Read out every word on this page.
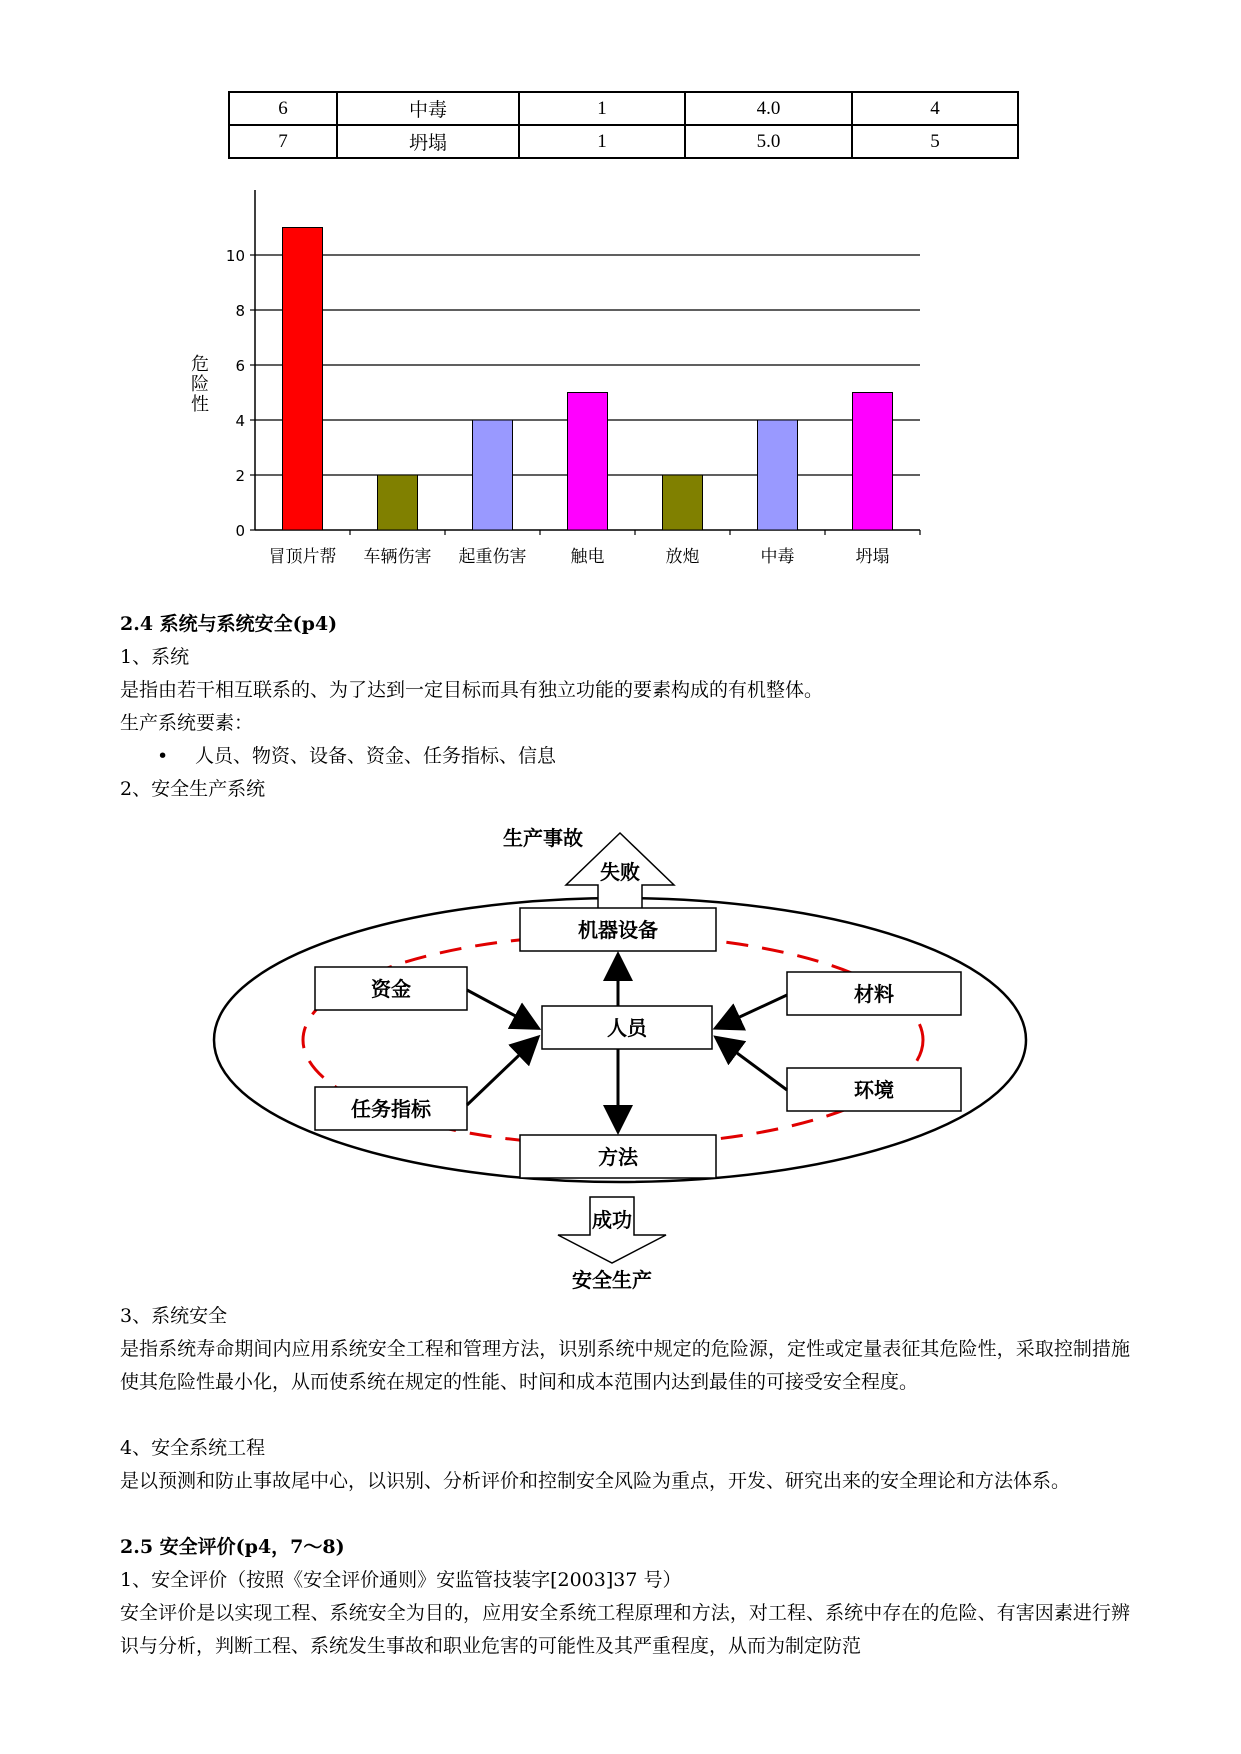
6	中毒	1	4.0	4
7	坍塌	1	5.0	5
0
2
4
6
8
10
冒顶片帮 车辆伤害 起重伤害	触电	放炮	中毒	坍塌
危险性
2.4 系统与系统安全(p4)
1、系统
是指由若干相互联系的、为了达到一定目标而具有独立功能的要素构成的有机整体。
生产系统要素：
• 人员、物资、设备、资金、任务指标、信息
2、安全生产系统
失败
生产事故
成功
安全生产
机器设备
资金	材料
人员
任务指标
环境
方法
3、系统安全
是指系统寿命期间内应用系统安全工程和管理方法，识别系统中规定的危险源，定性或定量表征其危险性，采取控制措施使其危险性最小化，从而使系统在规定的性能、时间和成本范围内达到最佳的可接受安全程度。
4、安全系统工程
是以预测和防止事故尾中心，以识别、分析评价和控制安全风险为重点，开发、研究出来的安全理论和方法体系。
2.5 安全评价(p4，7～8)
1、安全评价（按照《安全评价通则》安监管技装字[2003]37 号）
安全评价是以实现工程、系统安全为目的，应用安全系统工程原理和方法，对工程、系统中存在的危险、有害因素进行辨识与分析，判断工程、系统发生事故和职业危害的可能性及其严重程度，从而为制定防范
